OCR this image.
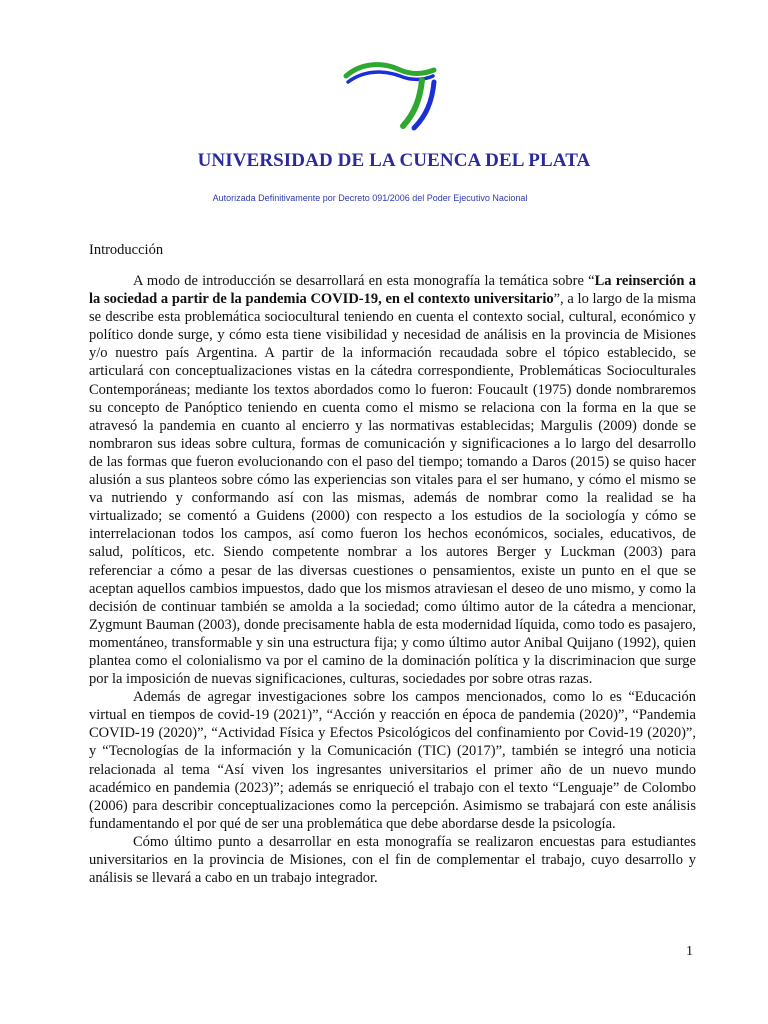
UNIVERSIDAD DE LA CUENCA DEL PLATA
Autorizada Definitivamente por Decreto 091/2006 del Poder Ejecutivo Nacional
Introducción

A modo de introducción se desarrollará en esta monografía la temática sobre “La reinserción a la sociedad a partir de la pandemia COVID-19, en el contexto universitario”, a lo largo de la misma se describe esta problemática sociocultural teniendo en cuenta el contexto social, cultural, económico y político donde surge, y cómo esta tiene visibilidad y necesidad de análisis en la provincia de Misiones y/o nuestro país Argentina. A partir de la información recaudada sobre el tópico establecido, se articulará con conceptualizaciones vistas en la cátedra correspondiente, Problemáticas Socioculturales Contemporáneas; mediante los textos abordados como lo fueron: Foucault (1975) donde nombraremos su concepto de Panóptico teniendo en cuenta como el mismo se relaciona con la forma en la que se atravesó la pandemia en cuanto al encierro y las normativas establecidas; Margulis (2009) donde se nombraron sus ideas sobre cultura, formas de comunicación y significaciones a lo largo del desarrollo de las formas que fueron evolucionando con el paso del tiempo; tomando a Daros (2015) se quiso hacer alusión a sus planteos sobre cómo las experiencias son vitales para el ser humano, y cómo el mismo se va nutriendo y conformando así con las mismas, además de nombrar como la realidad se ha virtualizado; se comentó a Guidens (2000) con respecto a los estudios de la sociología y cómo se interrelacionan todos los campos, así como fueron los hechos económicos, sociales, educativos, de salud, políticos, etc. Siendo competente nombrar a los autores Berger y Luckman (2003) para referenciar a cómo a pesar de las diversas cuestiones o pensamientos, existe un punto en el que se aceptan aquellos cambios impuestos, dado que los mismos atraviesan el deseo de uno mismo, y como la decisión de continuar también se amolda a la sociedad; como último autor de la cátedra a mencionar, Zygmunt Bauman (2003), donde precisamente habla de esta modernidad líquida, como todo es pasajero, momentáneo, transformable y sin una estructura fija; y como último autor Anibal Quijano (1992), quien plantea como el colonialismo va por el camino de la dominación política y la discriminacion que surge por la imposición de nuevas significaciones, culturas, sociedades por sobre otras razas.

Además de agregar investigaciones sobre los campos mencionados, como lo es “Educación virtual en tiempos de covid-19 (2021)”, “Acción y reacción en época de pandemia (2020)”, “Pandemia COVID-19 (2020)”, “Actividad Física y Efectos Psicológicos del confinamiento por Covid-19 (2020)”, y “Tecnologías de la información y la Comunicación (TIC) (2017)”, también se integró una noticia relacionada al tema “Así viven los ingresantes universitarios el primer año de un nuevo mundo académico en pandemia (2023)”; además se enriqueció el trabajo con el texto “Lenguaje” de Colombo (2006) para describir conceptualizaciones como la percepción. Asimismo se trabajará con este análisis fundamentando el por qué de ser una problemática que debe abordarse desde la psicología.

Cómo último punto a desarrollar en esta monografía se realizaron encuestas para estudiantes universitarios en la provincia de Misiones, con el fin de complementar el trabajo, cuyo desarrollo y análisis se llevará a cabo en un trabajo integrador.

1
